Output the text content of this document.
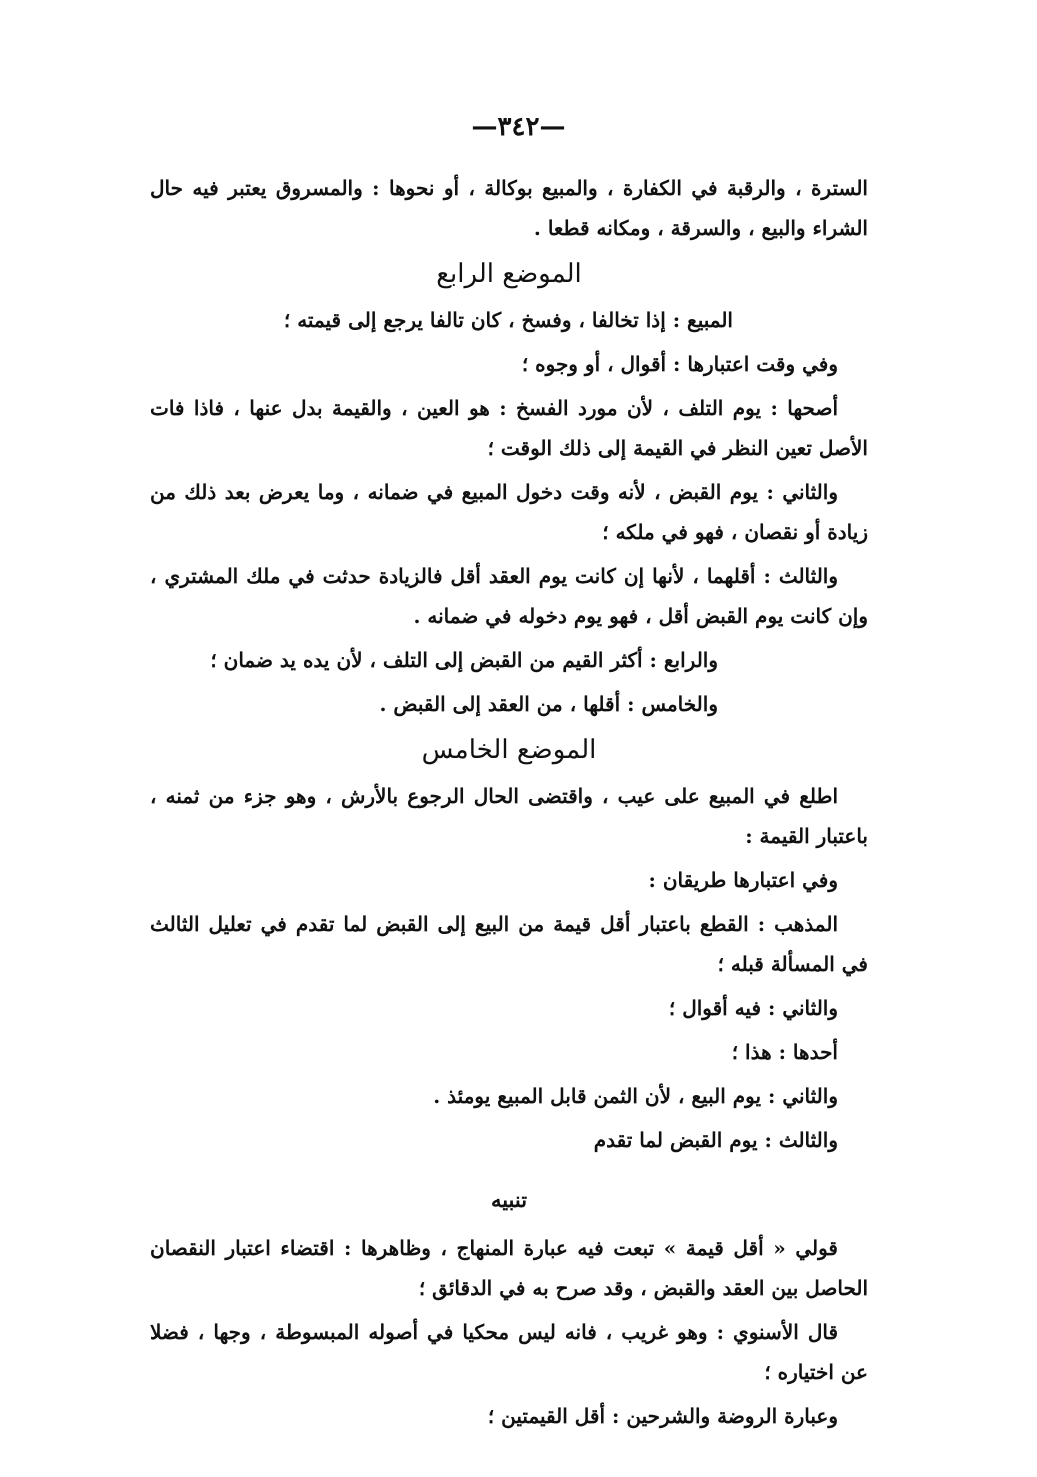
—٣٤٢—

السترة ، والرقبة في الكفارة ، والمبيع بوكالة ، أو نحوها : والمسروق يعتبر فيه حال الشراء والبيع ، والسرقة ، ومكانه قطعا .

الموضع الرابع

المبيع : إذا تخالفا ، وفسخ ، كان تالفا يرجع إلى قيمته ؛

وفي وقت اعتبارها : أقوال ، أو وجوه ؛

أصحها : يوم التلف ، لأن مورد الفسخ : هو العين ، والقيمة بدل عنها ، فاذا فات الأصل تعين النظر في القيمة إلى ذلك الوقت ؛

والثاني : يوم القبض ، لأنه وقت دخول المبيع في ضمانه ، وما يعرض بعد ذلك من زيادة أو نقصان ، فهو في ملكه ؛

والثالث : أقلهما ، لأنها إن كانت يوم العقد أقل فالزيادة حدثت في ملك المشتري ، وإن كانت يوم القبض أقل ، فهو يوم دخوله في ضمانه .

والرابع : أكثر القيم من القبض إلى التلف ، لأن يده يد ضمان ؛

والخامس : أقلها ، من العقد إلى القبض .

الموضع الخامس

اطلع في المبيع على عيب ، واقتضى الحال الرجوع بالأرش ، وهو جزء من ثمنه ، باعتبار القيمة :

وفي اعتبارها طريقان :

المذهب : القطع باعتبار أقل قيمة من البيع إلى القبض لما تقدم في تعليل الثالث في المسألة قبله ؛

والثاني : فيه أقوال ؛

أحدها : هذا ؛

والثاني : يوم البيع ، لأن الثمن قابل المبيع يومئذ .

والثالث : يوم القبض لما تقدم

تنبيه

قولي « أقل قيمة » تبعت فيه عبارة المنهاج ، وظاهرها : اقتضاء اعتبار النقصان الحاصل بين العقد والقبض ، وقد صرح به في الدقائق ؛

قال الأسنوي : وهو غريب ، فانه ليس محكيا في أصوله المبسوطة ، وجها ، فضلا عن اختياره ؛

وعبارة الروضة والشرحين : أقل القيمتين ؛
